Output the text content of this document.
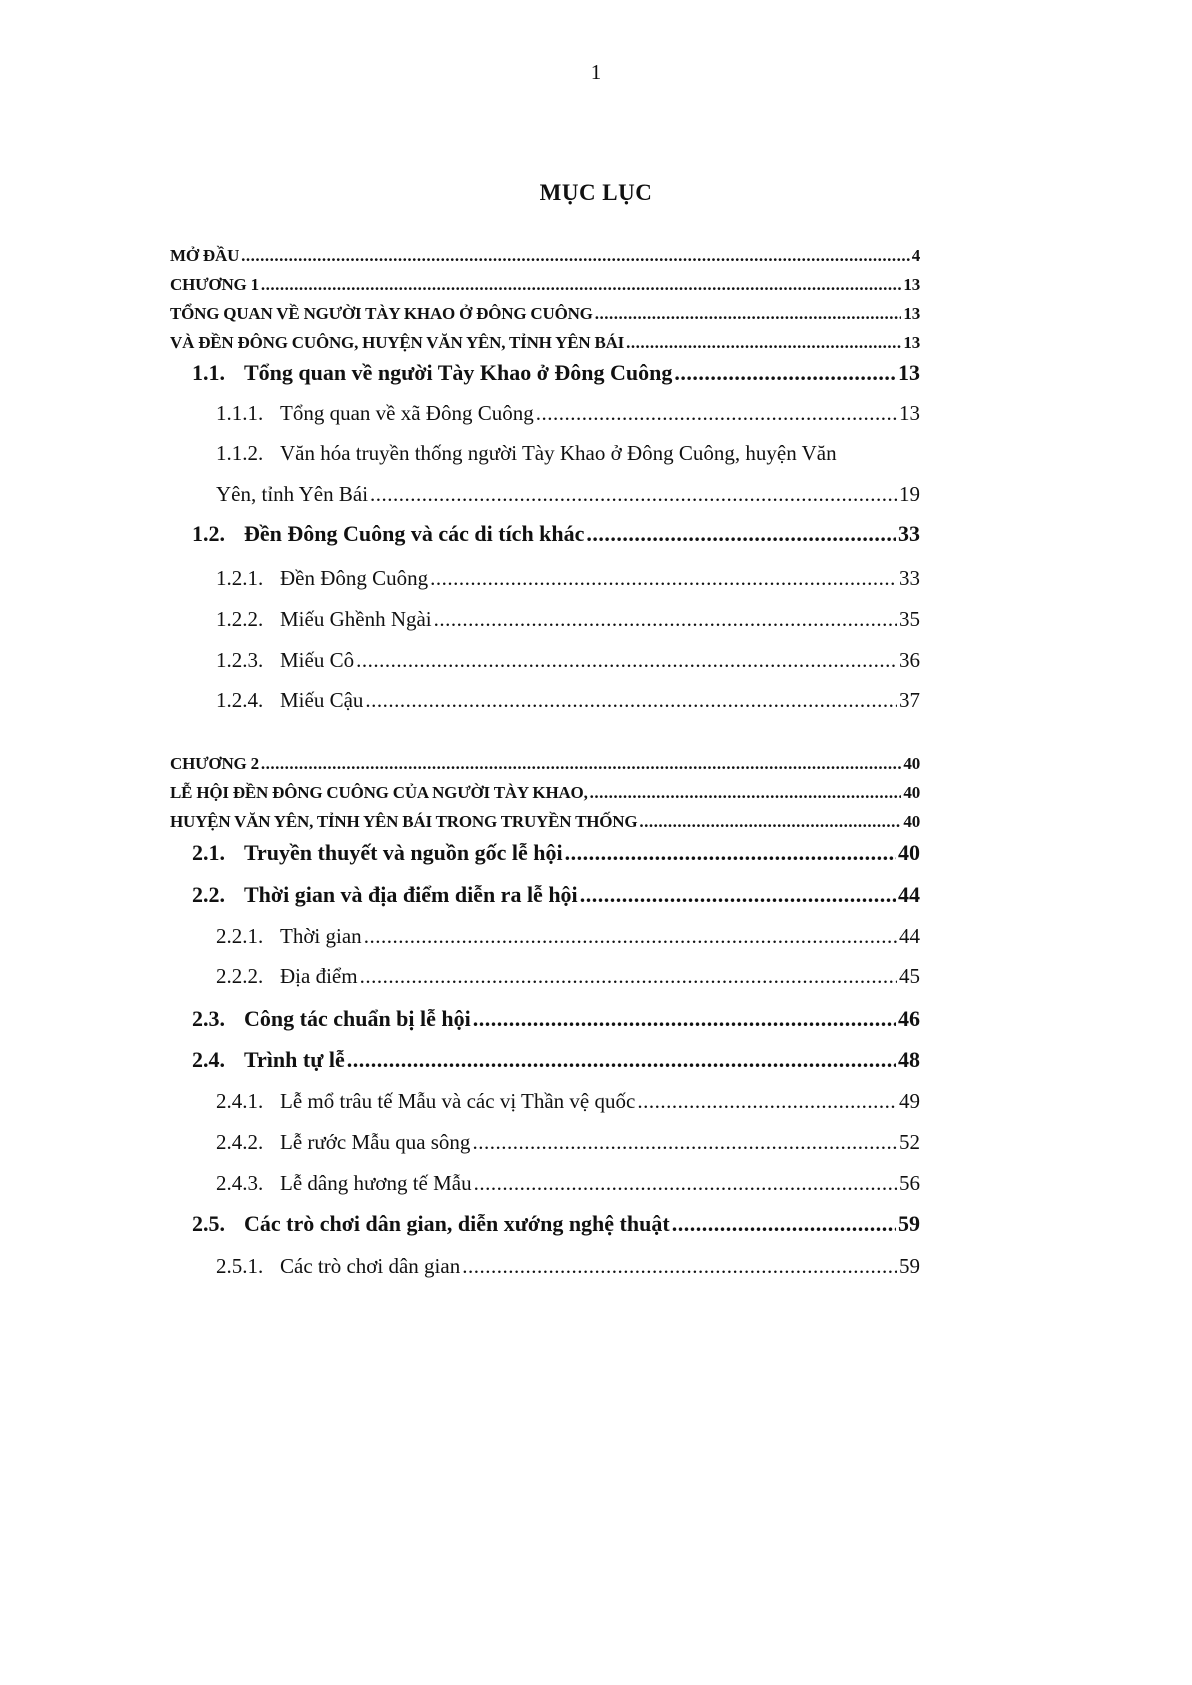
1
MỤC LỤC
MỞ ĐẦU .....	4
CHƯƠNG 1 .....	13
TỔNG QUAN VỀ NGƯỜI TÀY KHAO Ở ĐÔNG CUÔNG .....	13
VÀ ĐỀN ĐÔNG CUÔNG, HUYỆN VĂN YÊN, TỈNH YÊN BÁI .....	13
1.1. Tổng quan về người Tày Khao ở Đông Cuông .....	13
1.1.1. Tổng quan về xã Đông Cuông .....	13
1.1.2. Văn hóa truyền thống người Tày Khao ở Đông Cuông, huyện Văn
Yên, tỉnh Yên Bái .....	19
1.2. Đền Đông Cuông và các di tích khác .....	33
1.2.1. Đền Đông Cuông .....	33
1.2.2. Miếu Ghềnh Ngài .....	35
1.2.3. Miếu Cô .....	36
1.2.4. Miếu Cậu .....	37
CHƯƠNG 2 .....	40
LỄ HỘI ĐỀN ĐÔNG CUÔNG CỦA NGƯỜI TÀY KHAO, .....	40
HUYỆN VĂN YÊN, TỈNH YÊN BÁI TRONG TRUYỀN THỐNG .....	40
2.1. Truyền thuyết và nguồn gốc lễ hội .....	40
2.2. Thời gian và địa điểm diễn ra lễ hội .....	44
2.2.1. Thời gian .....	44
2.2.2. Địa điểm .....	45
2.3. Công tác chuẩn bị lễ hội .....	46
2.4. Trình tự lễ .....	48
2.4.1. Lễ mổ trâu tế Mẫu và các vị Thần vệ quốc .....	49
2.4.2. Lễ rước Mẫu qua sông .....	52
2.4.3. Lễ dâng hương tế Mẫu .....	56
2.5. Các trò chơi dân gian, diễn xướng nghệ thuật .....	59
2.5.1. Các trò chơi dân gian .....	59
